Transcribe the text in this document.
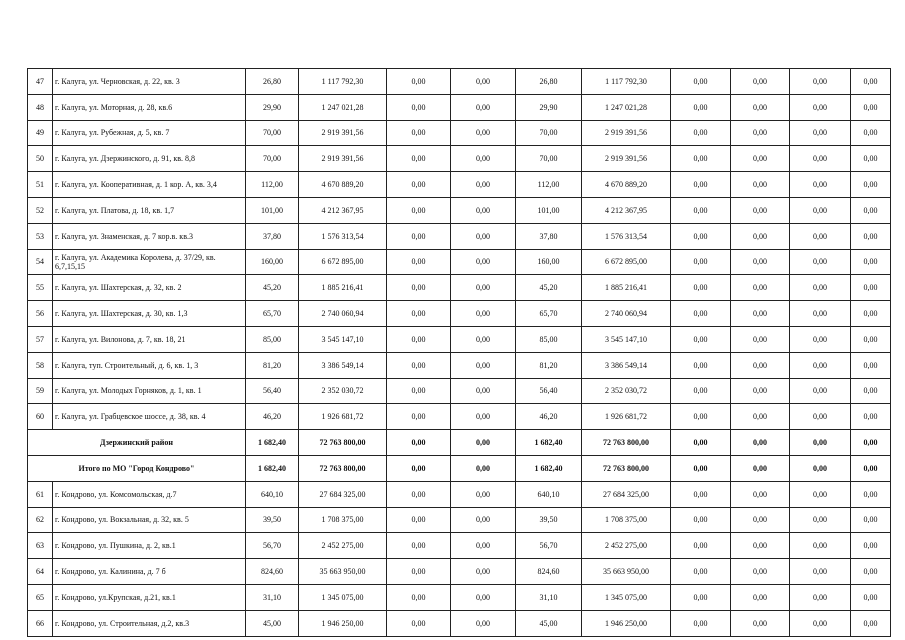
47	г. Калуга, ул. Черновская, д. 22, кв. 3	26,80	1 117 792,30	0,00	0,00	26,80	1 117 792,30	0,00	0,00	0,00	0,00
48	г. Калуга, ул. Моторная, д. 28, кв.6	29,90	1 247 021,28	0,00	0,00	29,90	1 247 021,28	0,00	0,00	0,00	0,00
49	г. Калуга, ул. Рубежная, д. 5, кв. 7	70,00	2 919 391,56	0,00	0,00	70,00	2 919 391,56	0,00	0,00	0,00	0,00
50	г. Калуга, ул. Дзержинского, д. 91, кв. 8,8	70,00	2 919 391,56	0,00	0,00	70,00	2 919 391,56	0,00	0,00	0,00	0,00
51	г. Калуга, ул. Кооперативная, д. 1 кор. А, кв. 3,4	112,00	4 670 889,20	0,00	0,00	112,00	4 670 889,20	0,00	0,00	0,00	0,00
52	г. Калуга, ул. Платова, д. 18, кв. 1,7	101,00	4 212 367,95	0,00	0,00	101,00	4 212 367,95	0,00	0,00	0,00	0,00
53	г. Калуга, ул. Знаменская, д. 7 кор.в. кв.3	37,80	1 576 313,54	0,00	0,00	37,80	1 576 313,54	0,00	0,00	0,00	0,00
54	г. Калуга, ул. Академика Королева, д. 37/29, кв. 6,7,15,15	160,00	6 672 895,00	0,00	0,00	160,00	6 672 895,00	0,00	0,00	0,00	0,00
55	г. Калуга, ул. Шахтерская, д. 32, кв. 2	45,20	1 885 216,41	0,00	0,00	45,20	1 885 216,41	0,00	0,00	0,00	0,00
56	г. Калуга, ул. Шахтерская, д. 30, кв. 1,3	65,70	2 740 060,94	0,00	0,00	65,70	2 740 060,94	0,00	0,00	0,00	0,00
57	г. Калуга, ул. Вилонова, д. 7, кв. 18, 21	85,00	3 545 147,10	0,00	0,00	85,00	3 545 147,10	0,00	0,00	0,00	0,00
58	г. Калуга, туп. Строительный, д. 6, кв. 1, 3	81,20	3 386 549,14	0,00	0,00	81,20	3 386 549,14	0,00	0,00	0,00	0,00
59	г. Калуга, ул. Молодых Горняков, д. 1, кв. 1	56,40	2 352 030,72	0,00	0,00	56,40	2 352 030,72	0,00	0,00	0,00	0,00
60	г. Калуга, ул. Грабцевское шоссе, д. 38, кв. 4	46,20	1 926 681,72	0,00	0,00	46,20	1 926 681,72	0,00	0,00	0,00	0,00
Дзержинский район		1 682,40	72 763 800,00	0,00	0,00	1 682,40	72 763 800,00	0,00	0,00	0,00	0,00
Итого по МО "Город Кондрово"		1 682,40	72 763 800,00	0,00	0,00	1 682,40	72 763 800,00	0,00	0,00	0,00	0,00
61	г. Кондрово, ул. Комсомольская, д.7	640,10	27 684 325,00	0,00	0,00	640,10	27 684 325,00	0,00	0,00	0,00	0,00
62	г. Кондрово, ул. Вокзальная, д. 32, кв. 5	39,50	1 708 375,00	0,00	0,00	39,50	1 708 375,00	0,00	0,00	0,00	0,00
63	г. Кондрово, ул. Пушкина, д. 2, кв.1	56,70	2 452 275,00	0,00	0,00	56,70	2 452 275,00	0,00	0,00	0,00	0,00
64	г. Кондрово, ул. Калинина, д. 7 б	824,60	35 663 950,00	0,00	0,00	824,60	35 663 950,00	0,00	0,00	0,00	0,00
65	г. Кондрово, ул.Крупская, д.21, кв.1	31,10	1 345 075,00	0,00	0,00	31,10	1 345 075,00	0,00	0,00	0,00	0,00
66	г. Кондрово, ул. Строительная, д.2, кв.3	45,00	1 946 250,00	0,00	0,00	45,00	1 946 250,00	0,00	0,00	0,00	0,00
